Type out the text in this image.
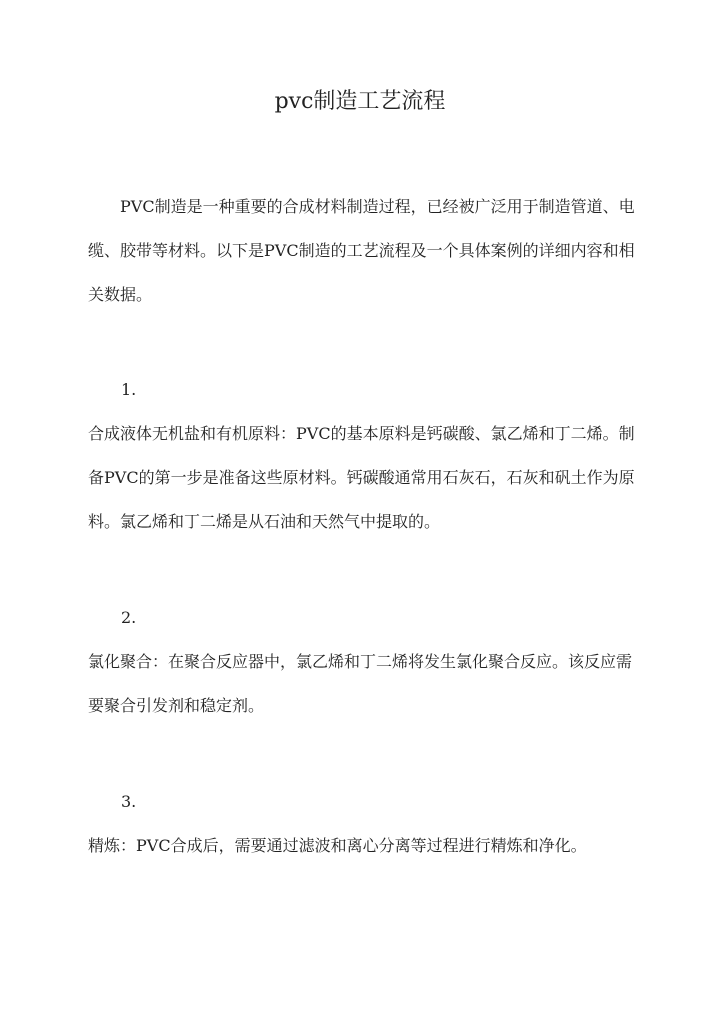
pvc制造工艺流程

PVC制造是一种重要的合成材料制造过程，已经被广泛用于制造管道、电缆、胶带等材料。以下是PVC制造的工艺流程及一个具体案例的详细内容和相关数据。

1.

合成液体无机盐和有机原料：PVC的基本原料是钙碳酸、氯乙烯和丁二烯。制备PVC的第一步是准备这些原材料。钙碳酸通常用石灰石，石灰和矾土作为原料。氯乙烯和丁二烯是从石油和天然气中提取的。

2.

氯化聚合：在聚合反应器中，氯乙烯和丁二烯将发生氯化聚合反应。该反应需要聚合引发剂和稳定剂。

3.

精炼：PVC合成后，需要通过滤波和离心分离等过程进行精炼和净化。
